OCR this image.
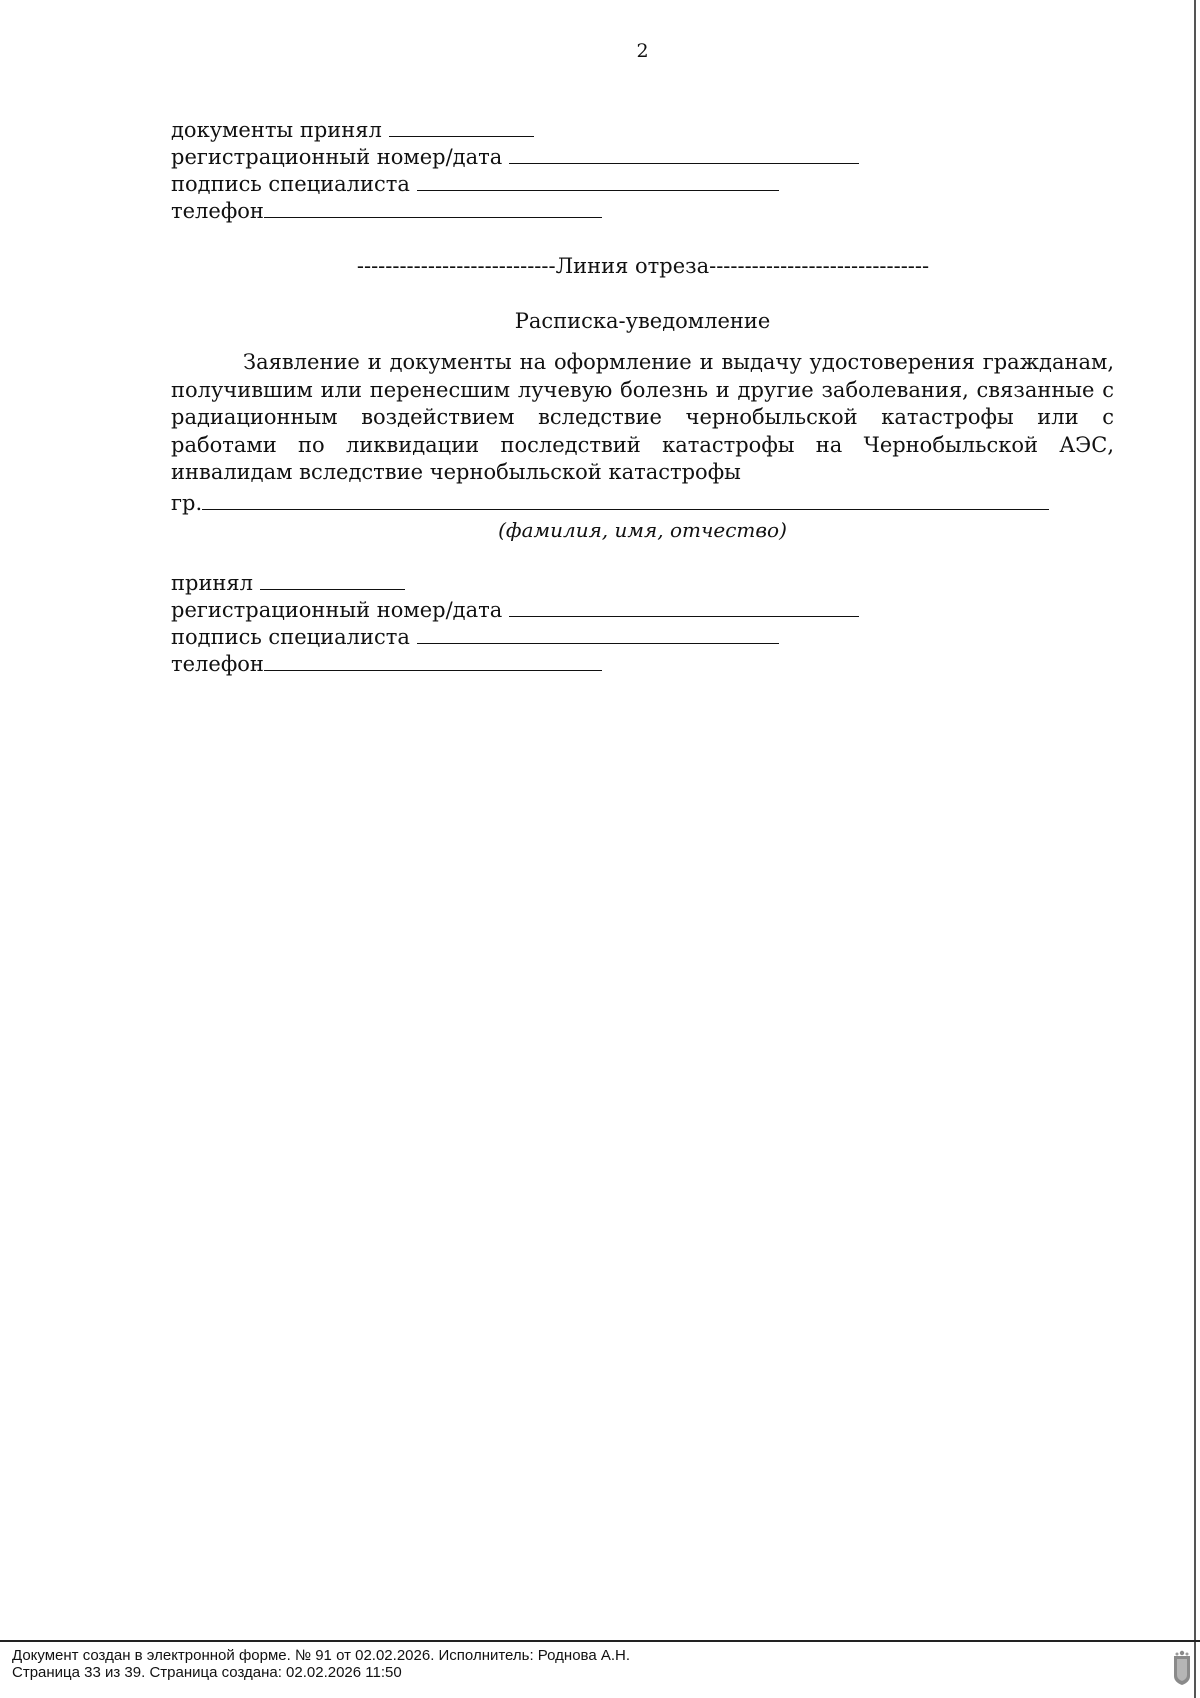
2
документы принял
регистрационный номер/дата
подпись специалиста
телефон
----------------------------Линия отреза-------------------------------
Расписка-уведомление

Заявление и документы на оформление и выдачу удостоверения гражданам, получившим или перенесшим лучевую болезнь и другие заболевания, связанные с радиационным воздействием вследствие чернобыльской катастрофы или с работами по ликвидации последствий катастрофы на Чернобыльской АЭС, инвалидам вследствие чернобыльской катастрофы

гр.
(фамилия, имя, отчество)
принял
регистрационный номер/дата
подпись специалиста
телефон
Документ создан в электронной форме. № 91 от 02.02.2026. Исполнитель: Роднова А.Н.
Страница 33 из 39. Страница создана: 02.02.2026 11:50
